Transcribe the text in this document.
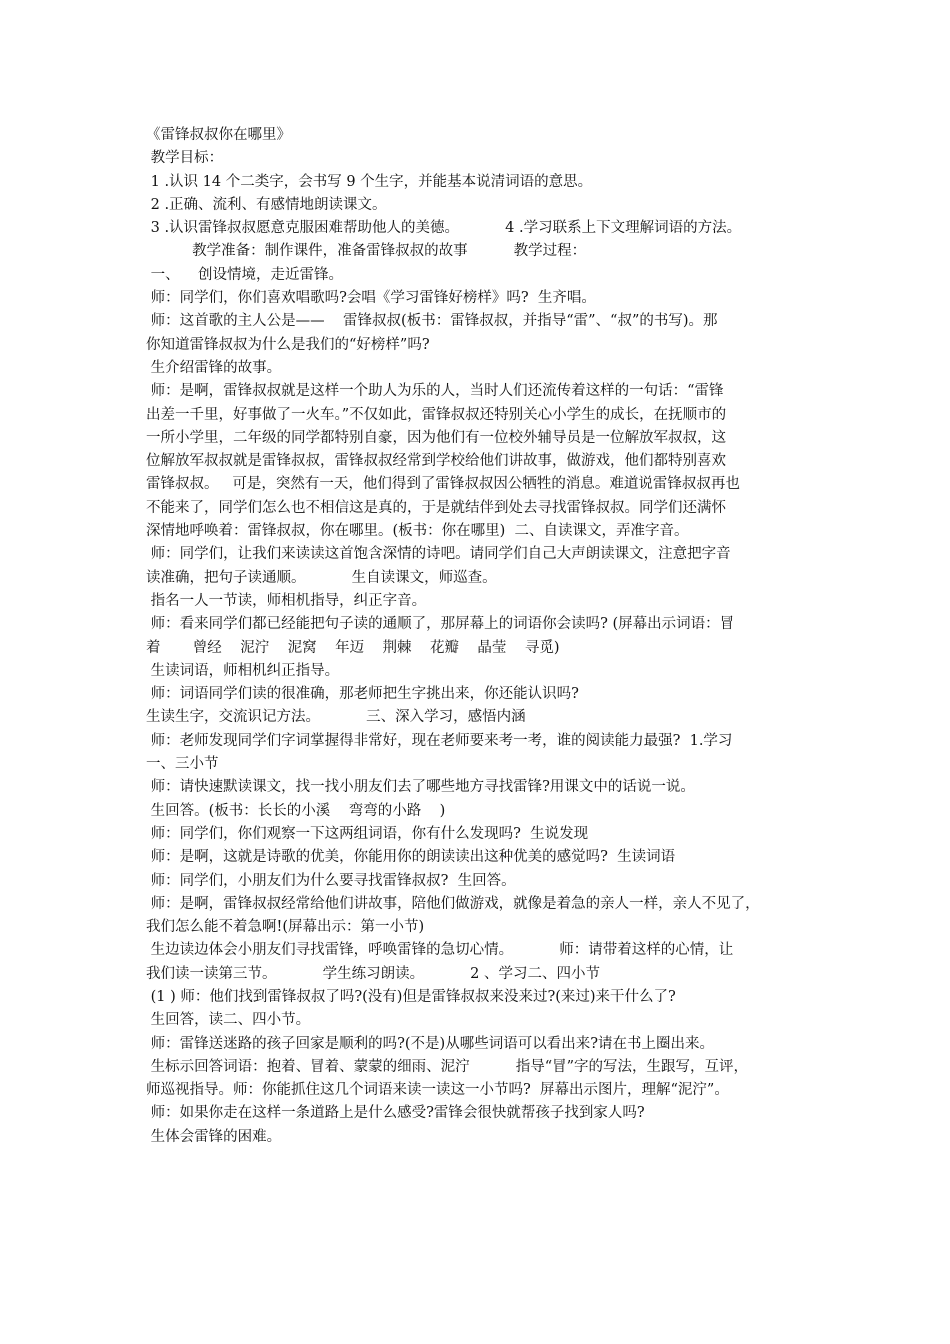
《雷锋叔叔你在哪里》

教学目标：

1 .认识 14 个二类字，会书写 9 个生字，并能基本说清词语的意思。

2 .正确、流利、有感情地朗读课文。

3 .认识雷锋叔叔愿意克服困难帮助他人的美德。          4 .学习联系上下文理解词语的方法。

教学准备：制作课件，准备雷锋叔叔的故事          教学过程：

一、    创设情境，走近雷锋。

师：同学们，你们喜欢唱歌吗?会唱《学习雷锋好榜样》吗?  生齐唱。

师：这首歌的主人公是——    雷锋叔叔(板书：雷锋叔叔，并指导“雷”、“叔”的书写)。那

你知道雷锋叔叔为什么是我们的“好榜样”吗?

生介绍雷锋的故事。

师：是啊，雷锋叔叔就是这样一个助人为乐的人，当时人们还流传着这样的一句话：“雷锋

出差一千里，好事做了一火车。”不仅如此，雷锋叔叔还特别关心小学生的成长，在抚顺市的

一所小学里，二年级的同学都特别自豪，因为他们有一位校外辅导员是一位解放军叔叔，这

位解放军叔叔就是雷锋叔叔，雷锋叔叔经常到学校给他们讲故事，做游戏，他们都特别喜欢

雷锋叔叔。   可是，突然有一天，他们得到了雷锋叔叔因公牺牲的消息。难道说雷锋叔叔再也

不能来了，同学们怎么也不相信这是真的，于是就结伴到处去寻找雷锋叔叔。同学们还满怀

深情地呼唤着：雷锋叔叔，你在哪里。(板书：你在哪里)  二、自读课文，弄准字音。

师：同学们，让我们来读读这首饱含深情的诗吧。请同学们自己大声朗读课文，注意把字音

读准确，把句子读通顺。          生自读课文，师巡查。

指名一人一节读，师相机指导，纠正字音。

师：看来同学们都已经能把句子读的通顺了，那屏幕上的词语你会读吗? (屏幕出示词语：冒

着       曾经    泥泞    泥窝    年迈    荆棘    花瓣    晶莹    寻觅)

生读词语，师相机纠正指导。

师：词语同学们读的很准确，那老师把生字挑出来，你还能认识吗?

生读生字，交流识记方法。          三、深入学习，感悟内涵

师：老师发现同学们字词掌握得非常好，现在老师要来考一考，谁的阅读能力最强?  1.学习

一、三小节

师：请快速默读课文，找一找小朋友们去了哪些地方寻找雷锋?用课文中的话说一说。

生回答。(板书：长长的小溪    弯弯的小路    )

师：同学们，你们观察一下这两组词语，你有什么发现吗?  生说发现

师：是啊，这就是诗歌的优美，你能用你的朗读读出这种优美的感觉吗?  生读词语

师：同学们，小朋友们为什么要寻找雷锋叔叔?  生回答。

师：是啊，雷锋叔叔经常给他们讲故事，陪他们做游戏，就像是着急的亲人一样，亲人不见了，

我们怎么能不着急啊!(屏幕出示：第一小节)

生边读边体会小朋友们寻找雷锋，呼唤雷锋的急切心情。          师：请带着这样的心情，让

我们读一读第三节。          学生练习朗读。          2 、学习二、四小节

(1 ) 师：他们找到雷锋叔叔了吗?(没有)但是雷锋叔叔来没来过?(来过)来干什么了?

生回答，读二、四小节。

师：雷锋送迷路的孩子回家是顺利的吗?(不是)从哪些词语可以看出来?请在书上圈出来。

生标示回答词语：抱着、冒着、蒙蒙的细雨、泥泞          指导“冒”字的写法，生跟写，互评，

师巡视指导。师：你能抓住这几个词语来读一读这一小节吗?  屏幕出示图片，理解“泥泞”。

师：如果你走在这样一条道路上是什么感受?雷锋会很快就帮孩子找到家人吗?

生体会雷锋的困难。
